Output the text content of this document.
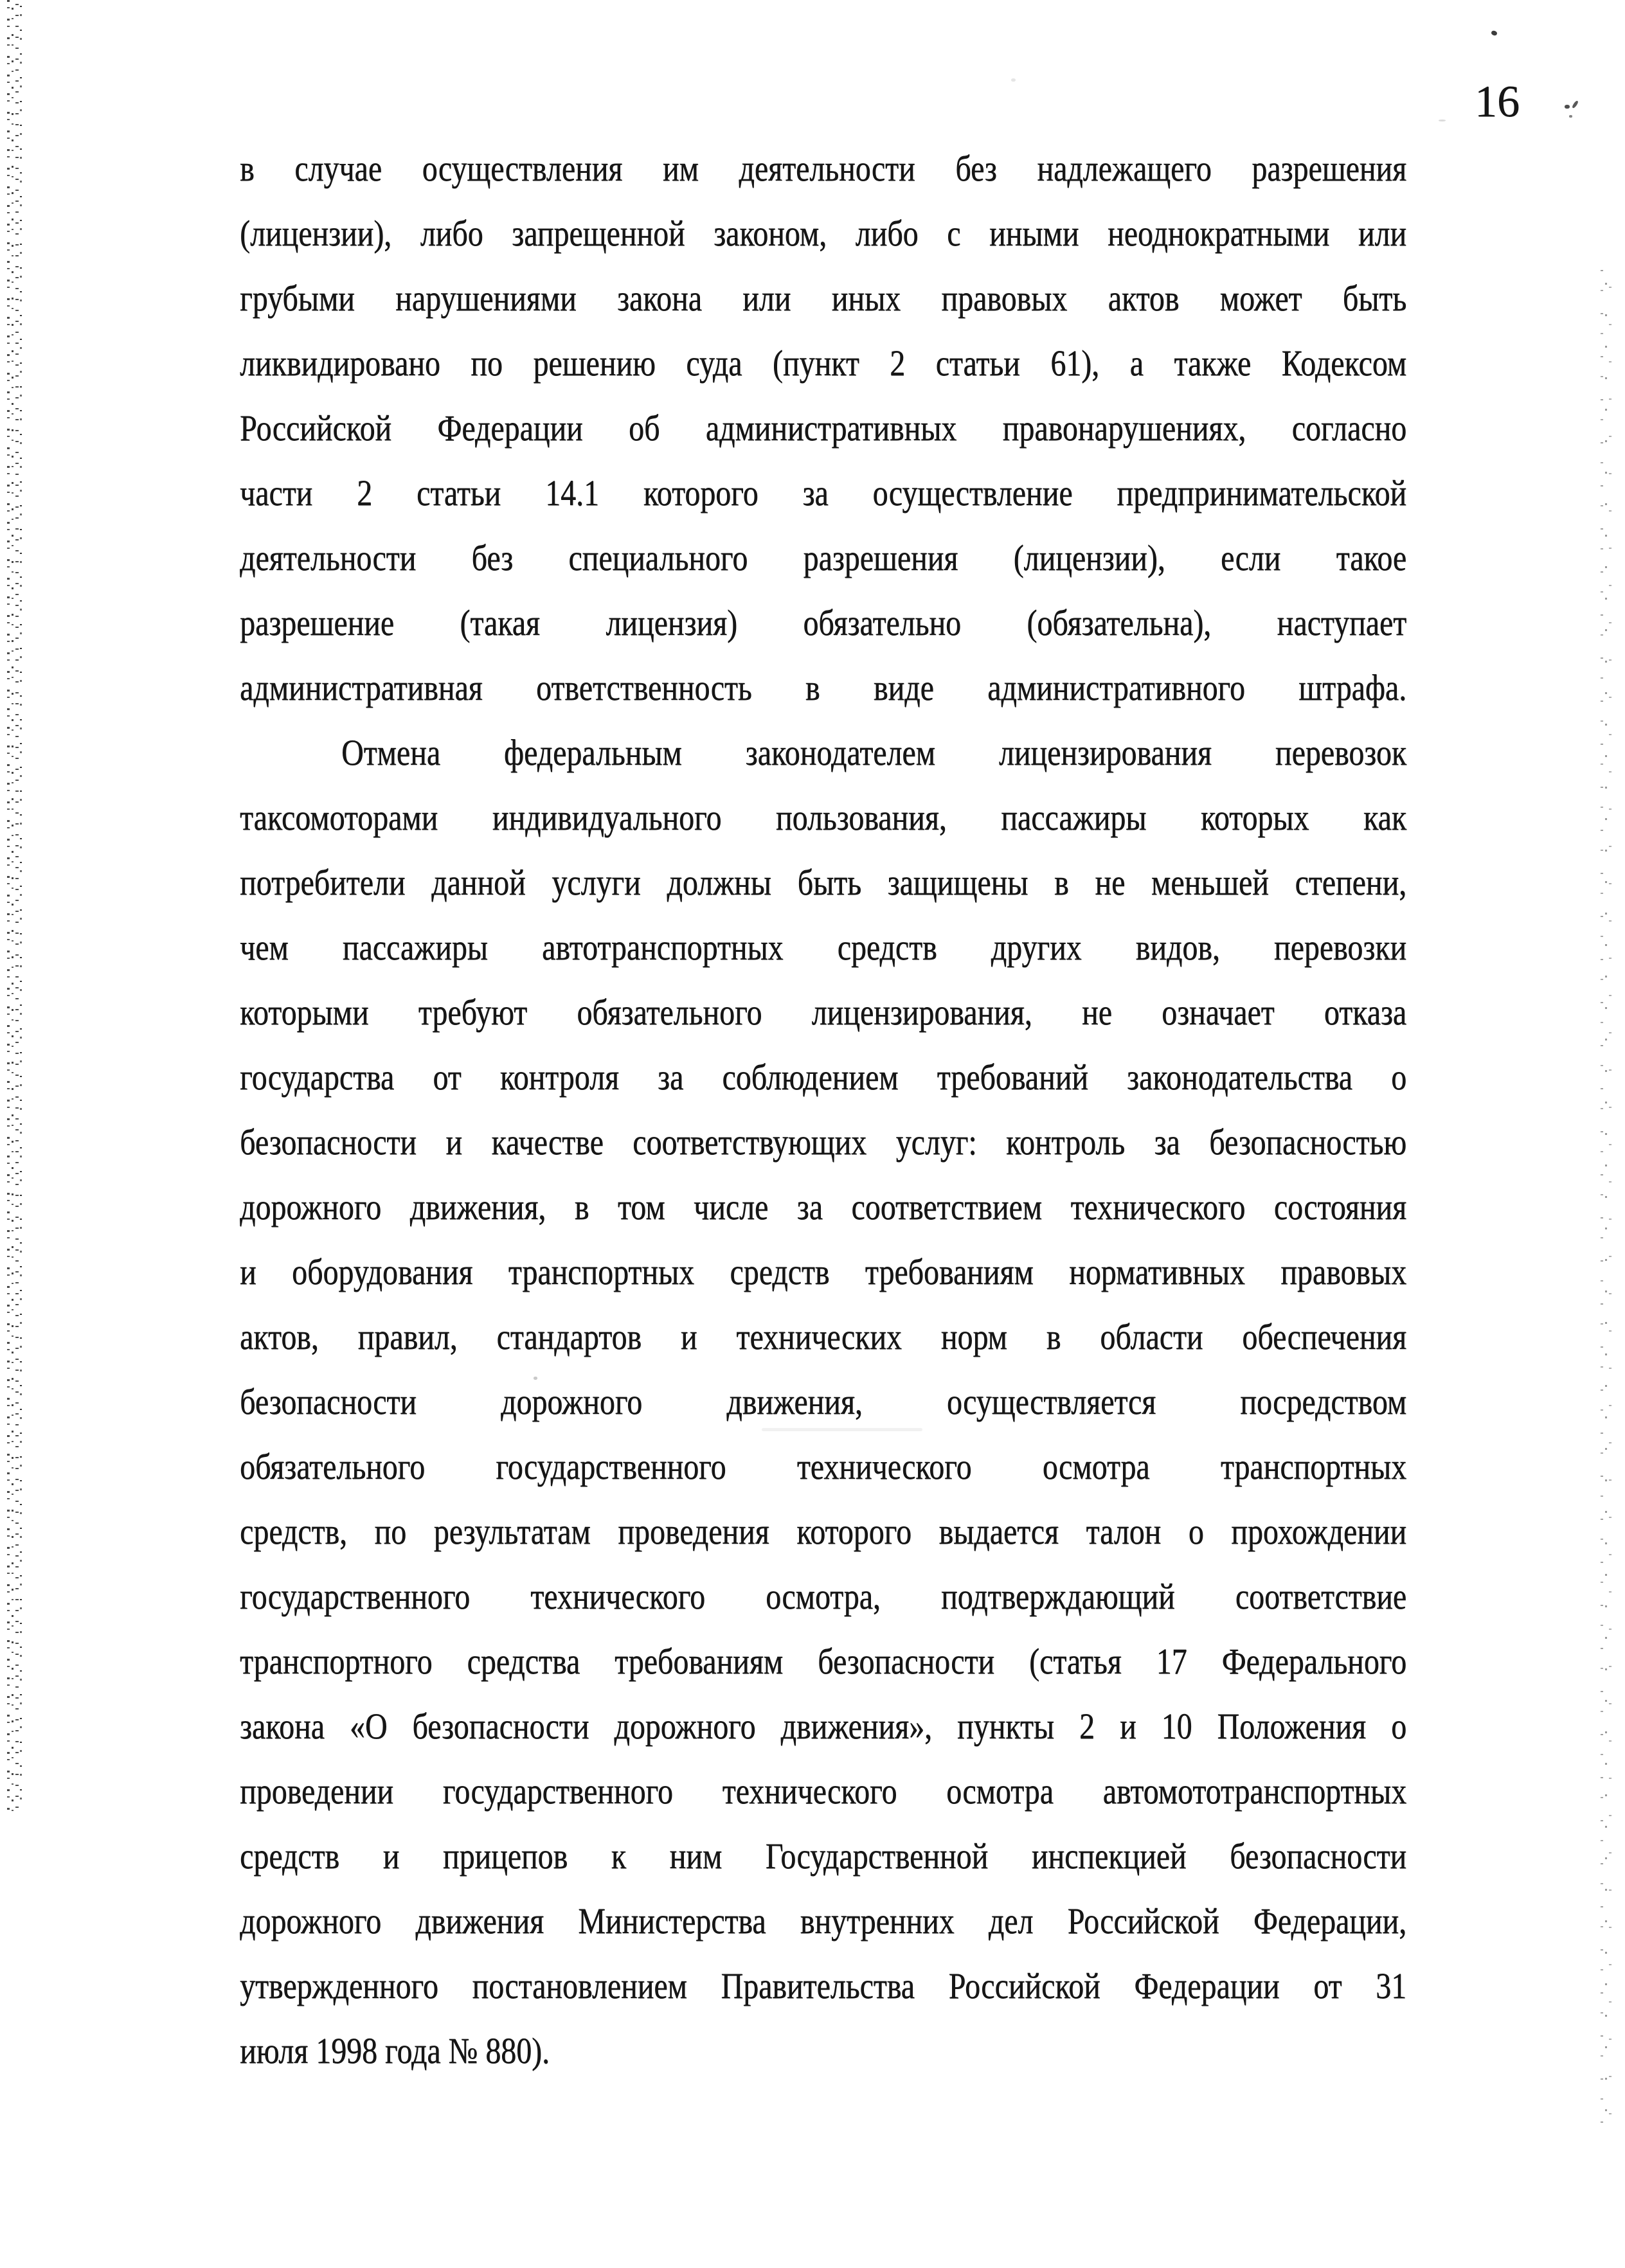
16
в случае осуществления им деятельности без надлежащего разрешения
(лицензии), либо запрещенной законом, либо с иными неоднократными или
грубыми нарушениями закона или иных правовых актов может быть
ликвидировано по решению суда (пункт 2 статьи 61), а также Кодексом
Российской Федерации об административных правонарушениях, согласно
части 2 статьи 14.1 которого за осуществление предпринимательской
деятельности без специального разрешения (лицензии), если такое
разрешение (такая лицензия) обязательно (обязательна), наступает
административная ответственность в виде административного штрафа.
Отмена федеральным законодателем лицензирования перевозок
таксомоторами индивидуального пользования, пассажиры которых как
потребители данной услуги должны быть защищены в не меньшей степени,
чем пассажиры автотранспортных средств других видов, перевозки
которыми требуют обязательного лицензирования, не означает отказа
государства от контроля за соблюдением требований законодательства о
безопасности и качестве соответствующих услуг: контроль за безопасностью
дорожного движения, в том числе за соответствием технического состояния
и оборудования транспортных средств требованиям нормативных правовых
актов, правил, стандартов и технических норм в области обеспечения
безопасности дорожного движения, осуществляется посредством
обязательного государственного технического осмотра транспортных
средств, по результатам проведения которого выдается талон о прохождении
государственного технического осмотра, подтверждающий соответствие
транспортного средства требованиям безопасности (статья 17 Федерального
закона «О безопасности дорожного движения», пункты 2 и 10 Положения о
проведении государственного технического осмотра автомототранспортных
средств и прицепов к ним Государственной инспекцией безопасности
дорожного движения Министерства внутренних дел Российской Федерации,
утвержденного постановлением Правительства Российской Федерации от 31
июля 1998 года № 880).
